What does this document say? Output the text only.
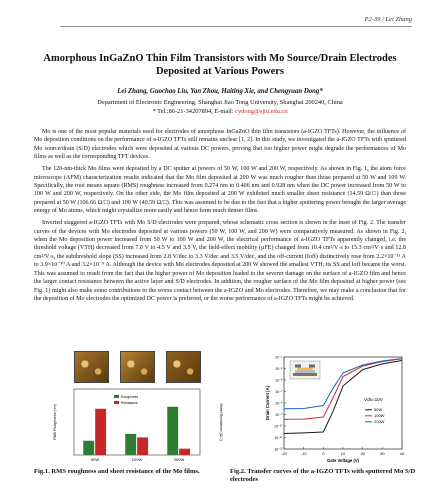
P2-39 / Lei Zhang
Amorphous InGaZnO Thin Film Transistors with Mo Source/Drain Electrodes Deposited at Various Powers
Lei Zhang, Guochao Liu, Yan Zhou, Haiting Xie, and Chengyuan Dong*
Department of Electronic Engineering, Shanghai Jiao Tong University, Shanghai 200240, China
* Tel.:86-21-34207894, E-mail: cydong@sjtu.edu.cn

Mo is one of the most popular materials used for electrodes of amorphous InGaZnO thin film transistors (a-IGZO TFTs). However, the influence of Mo deposition conditions on the performance of a-IGZO TFTs still remains unclear [1, 2]. In this study, we investigated the a-IGZO TFTs with sputtered Mo source/drain (S/D) electrodes which were deposited at various DC powers, proving that too higher power might degrade the performances of Mo films as well as the corresponding TFT devices.

The 120-nm-thick Mo films were deposited by a DC sputter at powers of 50 W, 100 W and 200 W, respectively. As shown in Fig. 1, the atom force microscope (AFM) characterization results indicated that the Mo film deposited at 200 W was much rougher than those prepared at 50 W and 100 W. Specifically, the root means square (RMS) roughness increased from 0.274 nm to 0.406 nm and 0.928 nm when the DC power increased from 50 W to 100 W and 200 W, respectively. On the other side, the Mo film deposited at 200 W exhibited much smaller sheet resistance (14.59 Ω/□) than those prepared at 50 W (106.66 Ω/□) and 100 W (40.59 Ω/□). This was assumed to be due to the fact that a higher sputtering power brought the larger average energy of Mo atoms, which might crystallize more easily and hence form much denser films.

Inverted staggered a-IGZO TFTs with Mo S/D electrodes were prepared, whose schematic cross section is shown in the inset of Fig. 2. The transfer curves of the devices with Mo electrodes deposited at various powers (50 W, 100 W, and 200 W) were comparatively measured. As shown in Fig. 2, when the Mo deposition power increased from 50 W to 100 W and 200 W, the electrical performance of a-IGZO TFTs apparently changed, i.e. the threshold voltage (VTH) decreased from 7.0 V to 4.5 V and 3.5 V, the field-effect mobility (μFE) changed from 10.4 cm²/V·s to 15.3 cm²/V·s and 12.8 cm²/V·s, the subthreshold slope (SS) increased from 2.8 V/dec to 3.3 V/dec and 3.5 V/dec, and the off-current (Ioff) distinctively rose from 2.2×10⁻¹¹ A to 3.9×10⁻¹⁰ A and 3.2×10⁻⁹ A. Although the device with Mo electrodes deposited at 200 W showed the smallest VTH, its SS and Ioff became the worst. This was assumed to result from the fact that the higher power of Mo deposition leaded to the severer damage on the surface of a-IGZO film and hence the larger contact resistance between the active layer and S/D electrodes. In addition, the rougher surface of the Mo film deposited at higher power (see Fig. 1) might also make some contributions to the worse contact between the a-IGZO and Mo electrodes. Therefore, we may make a conclusion that for the deposition of Mo electrodes the optimized DC power is preferred, or the worse performance of a-IGZO TFTs might be achieved.

RMS Roughness (nm)	Sheet Resistance (Ω/□)
Roughness
Resistance
50W	100W	200W
Drain Current (A)
Gate Voltage (V)
Vds=10V
-20	-10	0	10	20	30	40
10⁻⁴
10⁻⁵
10⁻⁶
10⁻⁷
10⁻⁸
10⁻⁹
10⁻¹⁰
10⁻¹¹
10⁻¹²
50W
100W
200W
Fig.1. RMS roughness and sheet resistance of the Mo films.	Fig.2. Transfer curves of the a-IGZO TFTs with sputtered Mo S/D electrodes
